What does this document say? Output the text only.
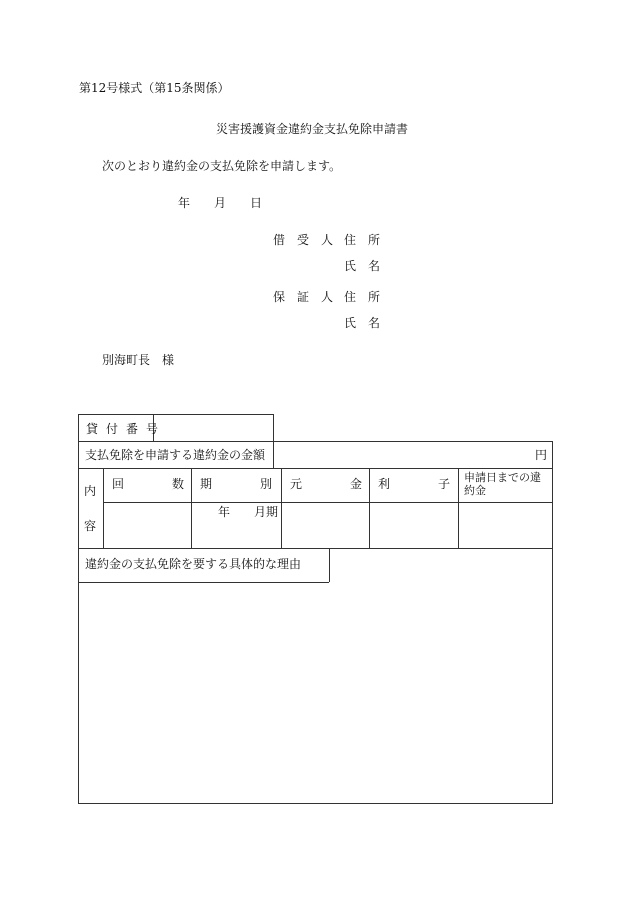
第12号様式（第15条関係）
災害援護資金違約金支払免除申請書
次のとおり違約金の支払免除を申請します。
年 月 日
借　受　人 住　所
氏　名
保　証　人 住　所
氏　名
別海町長　様
貸付番号
支払免除を申請する違約金の金額	円
内
容
回　　　　数 期　　　　別 元　　　　金 利　　　　子 申請日までの違約金
年　　月期
違約金の支払免除を要する具体的な理由
